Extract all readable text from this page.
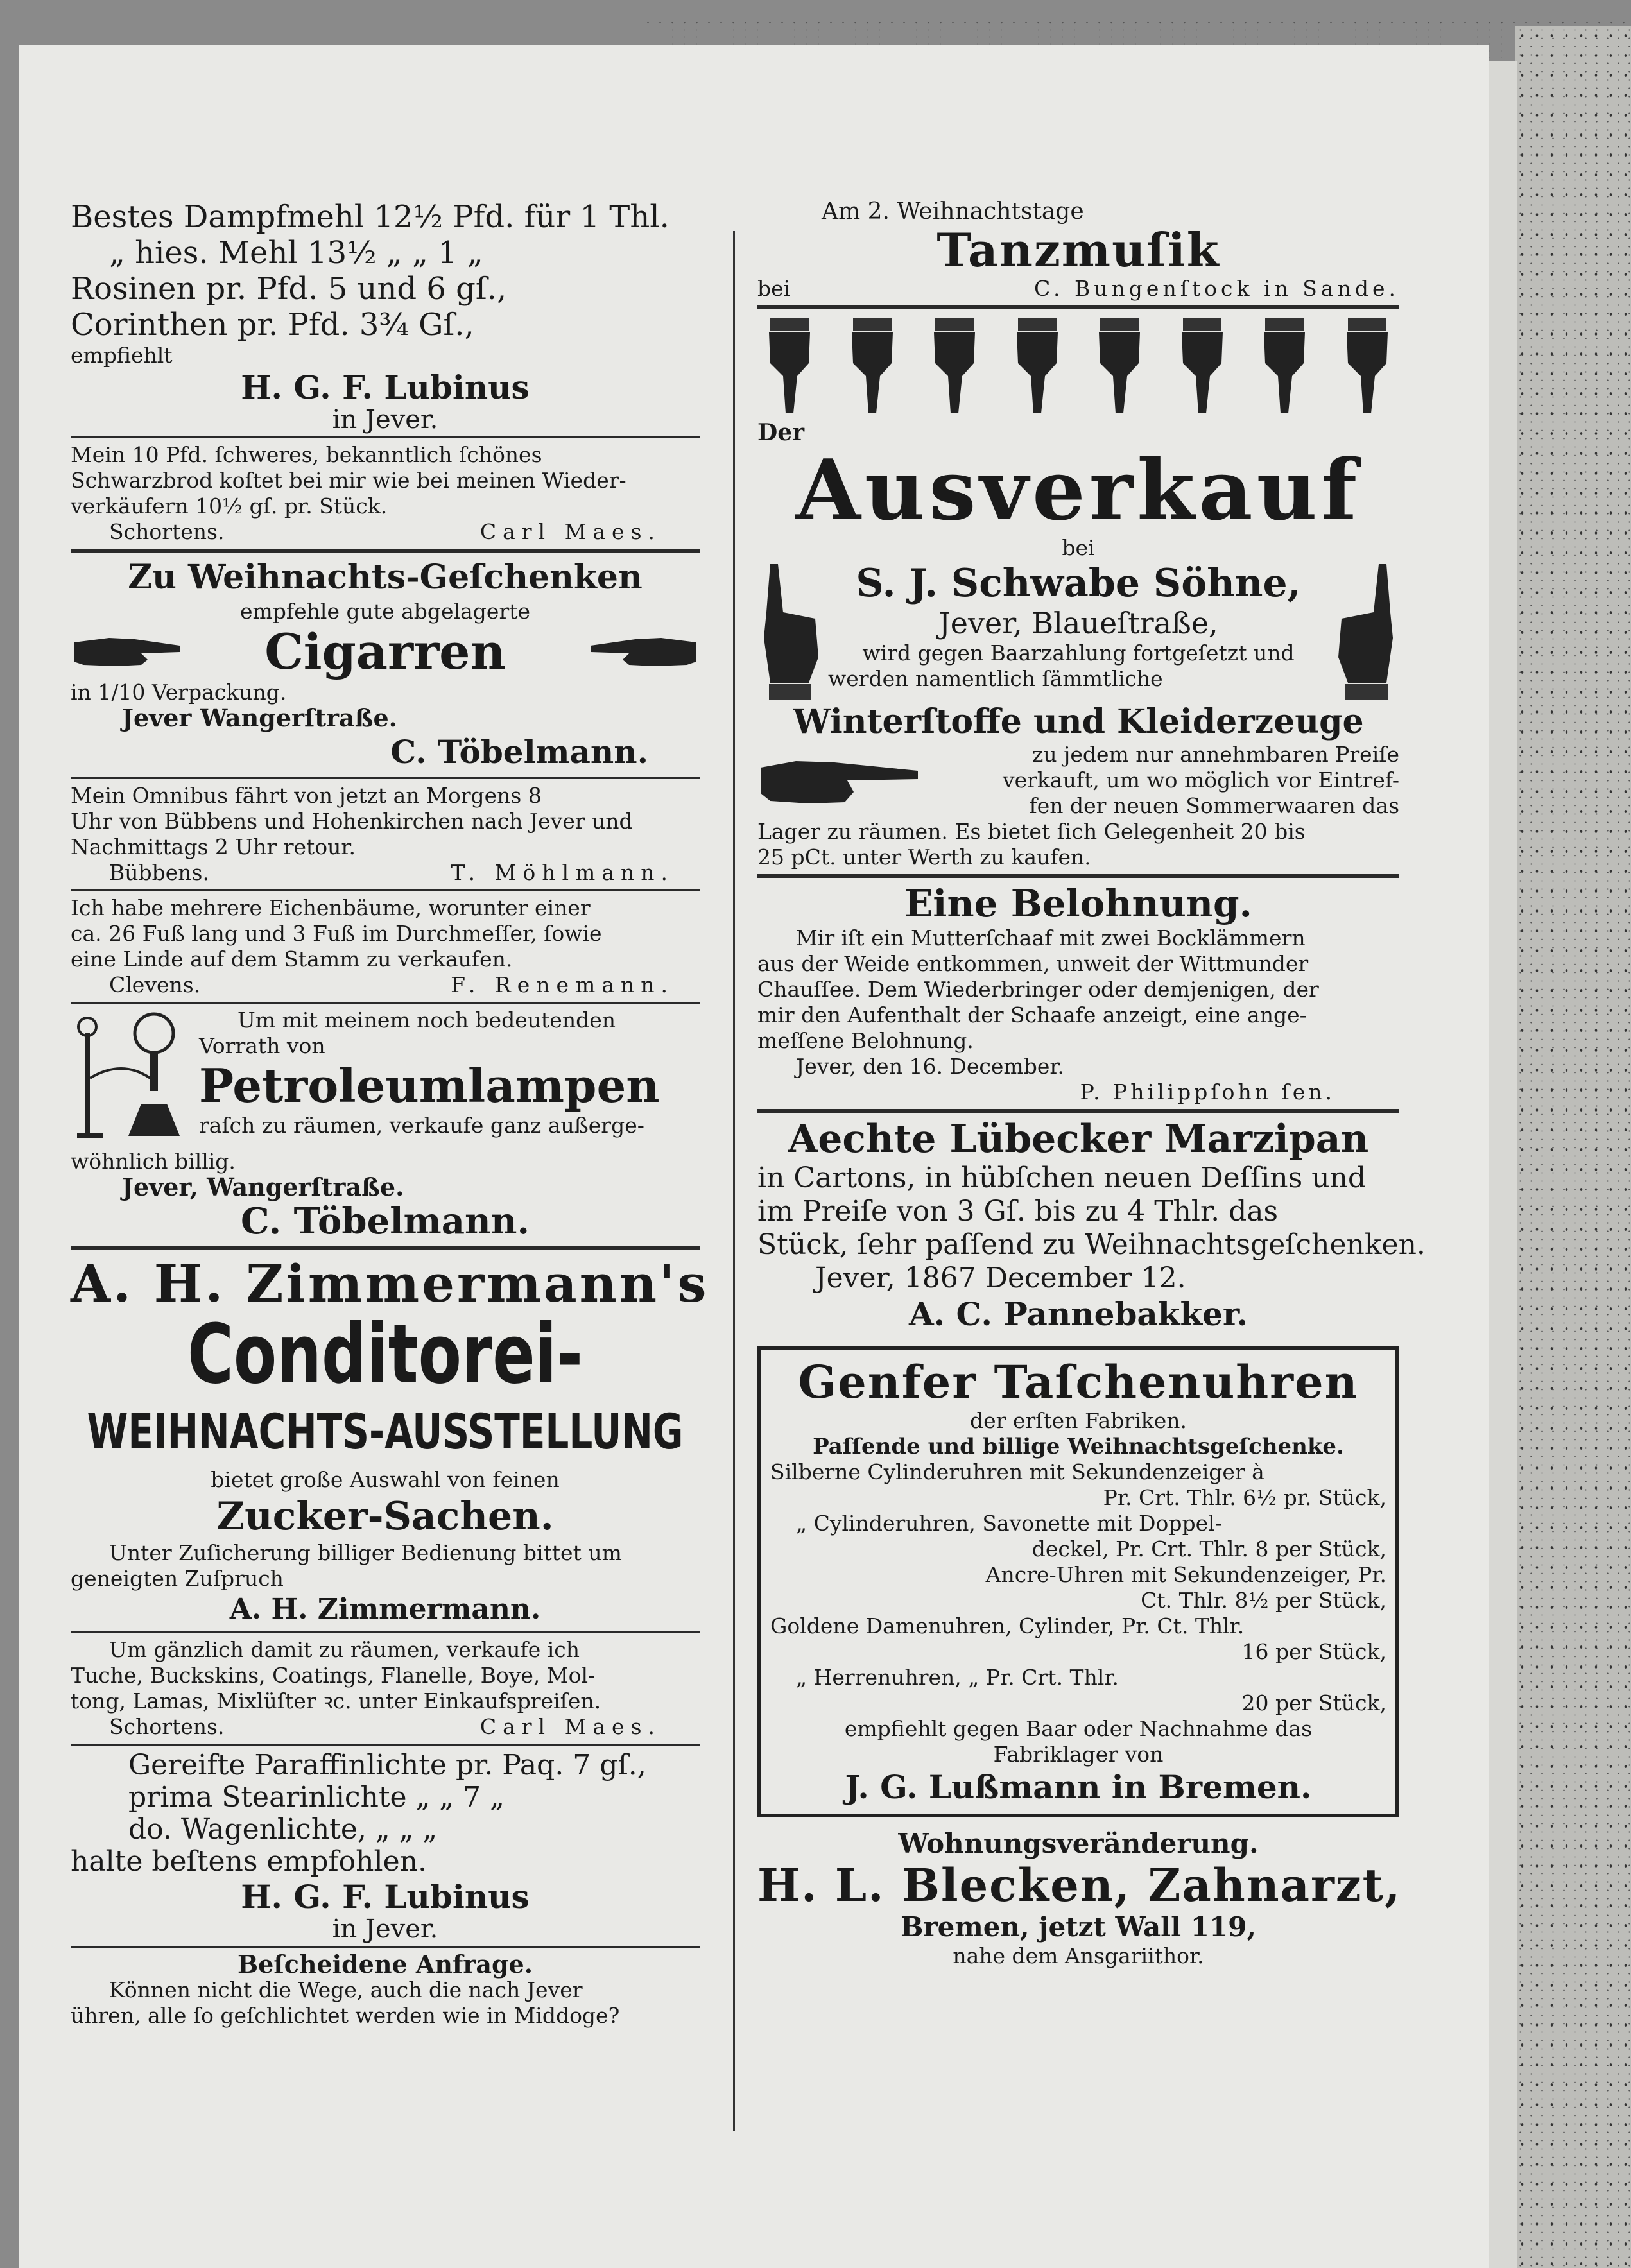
Bestes Dampfmehl 12½ Pfd. für 1 Thl.
„ hies. Mehl 13½ „ „ 1 „
Rosinen pr. Pfd. 5 und 6 gſ.,
Corinthen pr. Pfd. 3¾ Gſ.,
empfiehlt
H. G. F. Lubinus
in Jever.
Mein 10 Pfd. ſchweres, bekanntlich ſchönes
Schwarzbrod koſtet bei mir wie bei meinen Wieder-
verkäufern 10½ gſ. pr. Stück.
Schortens.	Carl Maes.
Zu Weihnachts-Geſchenken
empfehle gute abgelagerte
Cigarren
in 1/10 Verpackung.
Jever Wangerſtraße.
C. Töbelmann.
Mein Omnibus fährt von jetzt an Morgens 8
Uhr von Bübbens und Hohenkirchen nach Jever und
Nachmittags 2 Uhr retour.
Bübbens.	T. Möhlmann.
Ich habe mehrere Eichenbäume, worunter einer
ca. 26 Fuß lang und 3 Fuß im Durchmeſſer, ſowie
eine Linde auf dem Stamm zu verkaufen.
Clevens.	F. Renemann.
Um mit meinem noch bedeutenden
Vorrath von
Petroleumlampen
raſch zu räumen, verkaufe ganz außerge-
wöhnlich billig.
Jever, Wangerſtraße.
C. Töbelmann.
A. H. Zimmermann's
Conditorei-
WEIHNACHTS-AUSSTELLUNG
bietet große Auswahl von feinen
Zucker-Sachen.
Unter Zuſicherung billiger Bedienung bittet um
geneigten Zuſpruch
A. H. Zimmermann.
Um gänzlich damit zu räumen, verkaufe ich
Tuche, Buckskins, Coatings, Flanelle, Boye, Mol-
tong, Lamas, Mixlüſter ꝛc. unter Einkaufspreiſen.
Schortens.	Carl Maes.
Gereifte Paraffinlichte pr. Paq. 7 gſ.,
prima Stearinlichte „ „ 7 „
do. Wagenlichte, „ „ „
halte beſtens empfohlen.
H. G. F. Lubinus
in Jever.
Beſcheidene Anfrage.
Können nicht die Wege, auch die nach Jever
ühren, alle ſo geſchlichtet werden wie in Middoge?
Am 2. Weihnachtstage
Tanzmuſik
bei	C. Bungenſtock in Sande.
Der
Ausverkauf
bei
S. J. Schwabe Söhne,
Jever, Blaueſtraße,
wird gegen Baarzahlung fortgeſetzt und
werden namentlich ſämmtliche
Winterſtoffe und Kleiderzeuge
zu jedem nur annehmbaren Preiſe
verkauft, um wo möglich vor Eintref-
fen der neuen Sommerwaaren das
Lager zu räumen. Es bietet ſich Gelegenheit 20 bis
25 pCt. unter Werth zu kaufen.
Eine Belohnung.
Mir iſt ein Mutterſchaaf mit zwei Bocklämmern
aus der Weide entkommen, unweit der Wittmunder
Chauſſee. Dem Wiederbringer oder demjenigen, der
mir den Aufenthalt der Schaafe anzeigt, eine ange-
meſſene Belohnung.
Jever, den 16. December.
P. Philippſohn ſen.
Aechte Lübecker Marzipan
in Cartons, in hübſchen neuen Deſſins und
im Preiſe von 3 Gſ. bis zu 4 Thlr. das
Stück, ſehr paſſend zu Weihnachtsgeſchenken.
Jever, 1867 December 12.
A. C. Pannebakker.
Genfer Taſchenuhren
der erſten Fabriken.
Paſſende und billige Weihnachtsgeſchenke.
Silberne Cylinderuhren mit Sekundenzeiger à
Pr. Crt. Thlr. 6½ pr. Stück,
„ Cylinderuhren, Savonette mit Doppel-
deckel, Pr. Crt. Thlr. 8 per Stück,
Ancre-Uhren mit Sekundenzeiger, Pr.
Ct. Thlr. 8½ per Stück,
Goldene Damenuhren, Cylinder, Pr. Ct. Thlr.
16 per Stück,
„ Herrenuhren, „ Pr. Crt. Thlr.
20 per Stück,
empfiehlt gegen Baar oder Nachnahme das
Fabriklager von
J. G. Lußmann in Bremen.
Wohnungsveränderung.
H. L. Blecken, Zahnarzt,
Bremen, jetzt Wall 119,
nahe dem Ansgariithor.
